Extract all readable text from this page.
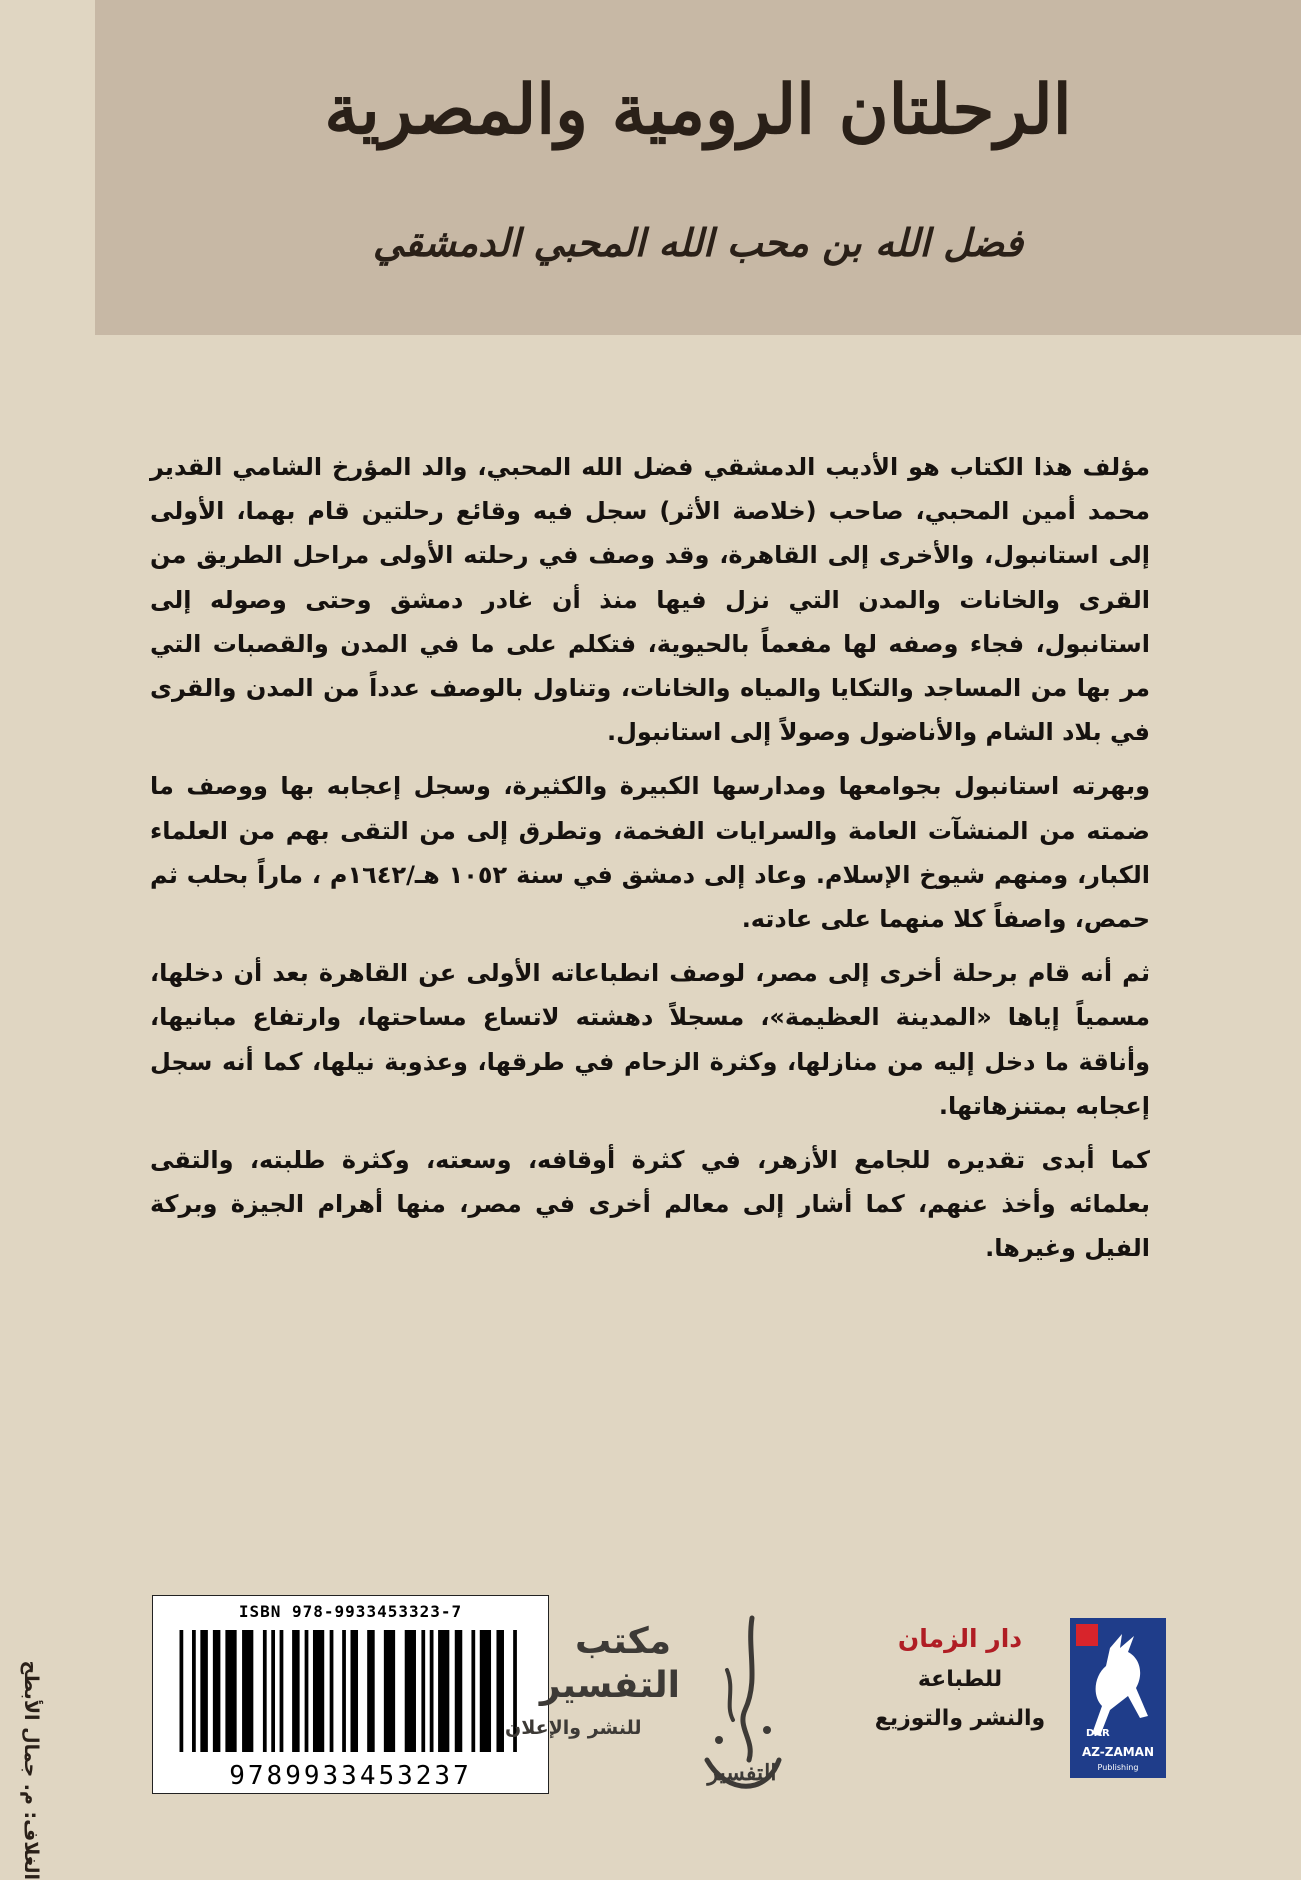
الرحلتان الرومية والمصرية
فضل الله بن محب الله المحبي الدمشقي

مؤلف هذا الكتاب هو الأديب الدمشقي فضل الله المحبي، والد المؤرخ الشامي القدير محمد أمين المحبي، صاحب (خلاصة الأثر) سجل فيه وقائع رحلتين قام بهما، الأولى إلى استانبول، والأخرى إلى القاهرة، وقد وصف في رحلته الأولى مراحل الطريق من القرى والخانات والمدن التي نزل فيها منذ أن غادر دمشق وحتى وصوله إلى استانبول، فجاء وصفه لها مفعماً بالحيوية، فتكلم على ما في المدن والقصبات التي مر بها من المساجد والتكايا والمياه والخانات، وتناول بالوصف عدداً من المدن والقرى في بلاد الشام والأناضول وصولاً إلى استانبول.

وبهرته استانبول بجوامعها ومدارسها الكبيرة والكثيرة، وسجل إعجابه بها ووصف ما ضمته من المنشآت العامة والسرايات الفخمة، وتطرق إلى من التقى بهم من العلماء الكبار، ومنهم شيوخ الإسلام. وعاد إلى دمشق في سنة ١٠٥٢ هـ/١٦٤٢م ، ماراً بحلب ثم حمص، واصفاً كلا منهما على عادته.

ثم أنه قام برحلة أخرى إلى مصر، لوصف انطباعاته الأولى عن القاهرة بعد أن دخلها، مسمياً إياها «المدينة العظيمة»، مسجلاً دهشته لاتساع مساحتها، وارتفاع مبانيها، وأناقة ما دخل إليه من منازلها، وكثرة الزحام في طرقها، وعذوبة نيلها، كما أنه سجل إعجابه بمتنزهاتها.

كما أبدى تقديره للجامع الأزهر، في كثرة أوقافه، وسعته، وكثرة طلبته، والتقى بعلمائه وأخذ عنهم، كما أشار إلى معالم أخرى في مصر، منها أهرام الجيزة وبركة الفيل وغيرها.

الغلاف: م. جمال الأبطح
ISBN 978-9933453323-7
9789933453237
مكتب
التفسير
للنشر والإعلان
التفسير
دار الزمان
للطباعة
والنشر والتوزيع
DAR
AZ-ZAMAN
Publishing
